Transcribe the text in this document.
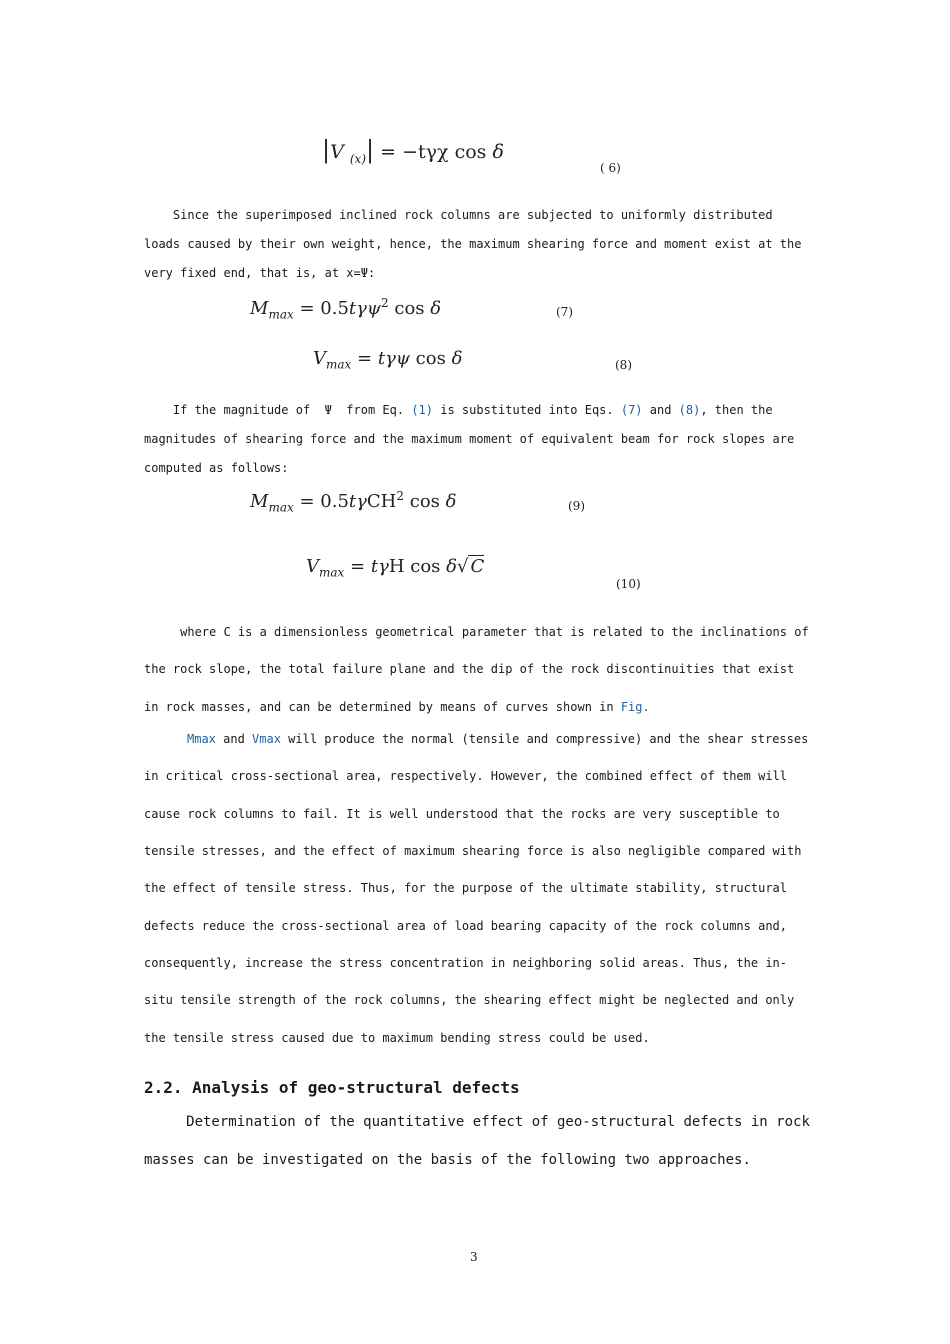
|V $_{(x)}$| = −tγχ cos δ
( 6)
Since the superimposed inclined rock columns are subjected to uniformly distributed
loads caused by their own weight, hence, the maximum shearing force and moment exist at the
very fixed end, that is, at x=Ψ:
$M_{max} = 0.5t\gamma\psi^2$ cos δ	(7)
$V_{max} = t\gamma\psi$ cos δ	(8)
If the magnitude of  Ψ  from Eq. (1) is substituted into Eqs. (7) and (8), then the
magnitudes of shearing force and the maximum moment of equivalent beam for rock slopes are
computed as follows:
$M_{max} = 0.5t\gamma CH^2$ cos δ	(9)
$V_{max} = t\gamma H$ cos δ√ C
(10)
where C is a dimensionless geometrical parameter that is related to the inclinations of
the rock slope, the total failure plane and the dip of the rock discontinuities that exist
in rock masses, and can be determined by means of curves shown in Fig.
Mmax and Vmax will produce the normal (tensile and compressive) and the shear stresses
in critical cross-sectional area, respectively. However, the combined effect of them will
cause rock columns to fail. It is well understood that the rocks are very susceptible to
tensile stresses, and the effect of maximum shearing force is also negligible compared with
the effect of tensile stress. Thus, for the purpose of the ultimate stability, structural
defects reduce the cross-sectional area of load bearing capacity of the rock columns and,
consequently, increase the stress concentration in neighboring solid areas. Thus, the in-
situ tensile strength of the rock columns, the shearing effect might be neglected and only
the tensile stress caused due to maximum bending stress could be used.
2.2. Analysis of geo-structural defects
Determination of the quantitative effect of geo-structural defects in rock
masses can be investigated on the basis of the following two approaches.
3
